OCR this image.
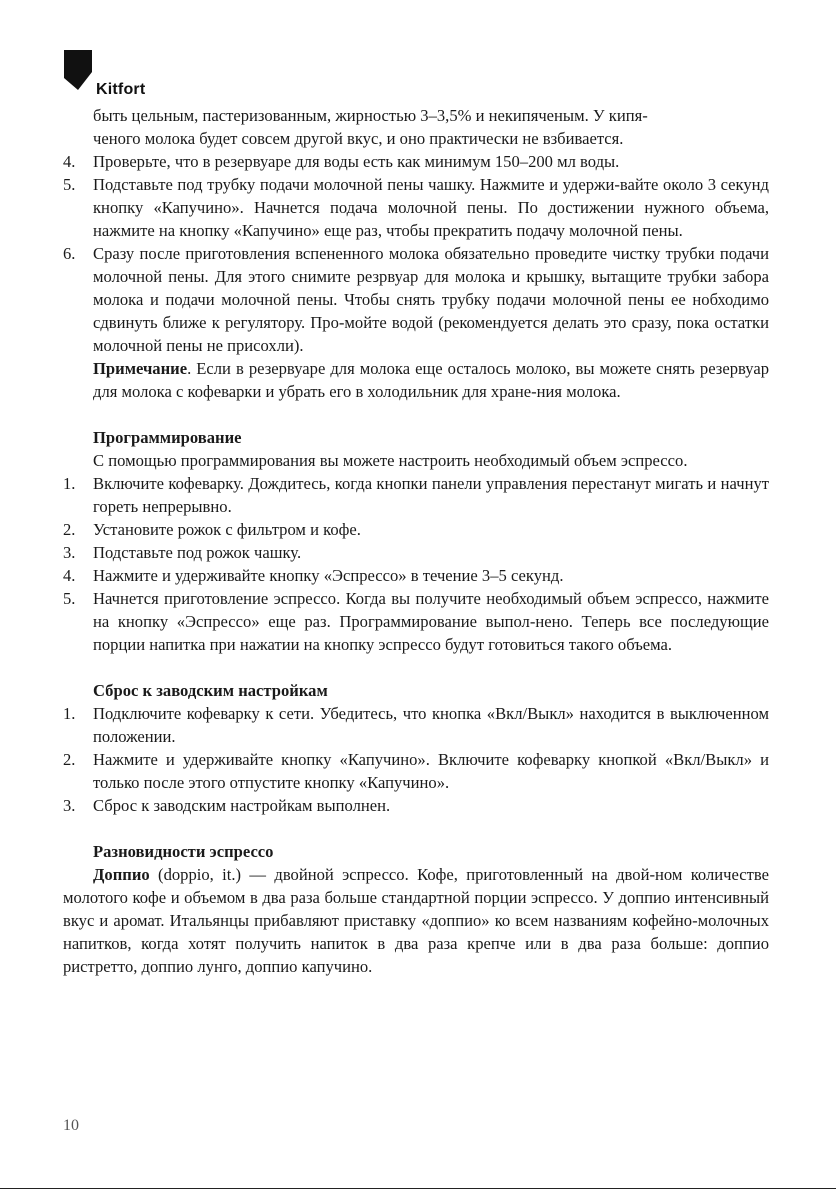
Kitfort

быть цельным, пастеризованным, жирностью 3–3,5% и некипяченым. У кипя-

ченого молока будет совсем другой вкус, и оно практически не взбивается.

4. Проверьте, что в резервуаре для воды есть как минимум 150–200 мл воды.

5. Подставьте под трубку подачи молочной пены чашку. Нажмите и удержи-вайте около 3 секунд кнопку «Капучино». Начнется подача молочной пены. По достижении нужного объема, нажмите на кнопку «Капучино» еще раз, чтобы прекратить подачу молочной пены.

6. Сразу после приготовления вспененного молока обязательно проведите чистку трубки подачи молочной пены. Для этого снимите резрвуар для молока и крышку, вытащите трубки забора молока и подачи молочной пены. Чтобы снять трубку подачи молочной пены ее нобходимо сдвинуть ближе к регулятору. Про-мойте водой (рекомендуется делать это сразу, пока остатки молочной пены не присохли).

Примечание. Если в резервуаре для молока еще осталось молоко, вы можете снять резервуар для молока с кофеварки и убрать его в холодильник для хране-ния молока.

Программирование

С помощью программирования вы можете настроить необходимый объем эспрессо.

1. Включите кофеварку. Дождитесь, когда кнопки панели управления перестанут мигать и начнут гореть непрерывно.

2. Установите рожок с фильтром и кофе.

3. Подставьте под рожок чашку.

4. Нажмите и удерживайте кнопку «Эспрессо» в течение 3–5 секунд.

5. Начнется приготовление эспрессо. Когда вы получите необходимый объем эспрессо, нажмите на кнопку «Эспрессо» еще раз. Программирование выпол-нено. Теперь все последующие порции напитка при нажатии на кнопку эспрессо будут готовиться такого объема.

Сброс к заводским настройкам

1. Подключите кофеварку к сети. Убедитесь, что кнопка «Вкл/Выкл» находится в выключенном положении.

2. Нажмите и удерживайте кнопку «Капучино». Включите кофеварку кнопкой «Вкл/Выкл» и только после этого отпустите кнопку «Капучино».

3. Сброс к заводским настройкам выполнен.

Разновидности эспрессо

Доппио (doppio, it.) — двойной эспрессо. Кофе, приготовленный на двой-ном количестве молотого кофе и объемом в два раза больше стандартной порции эспрессо. У доппио интенсивный вкус и аромат. Итальянцы прибавляют приставку «доппио» ко всем названиям кофейно-молочных напитков, когда хотят получить напиток в два раза крепче или в два раза больше: доппио ристретто, доппио лунго, доппио капучино.

10
